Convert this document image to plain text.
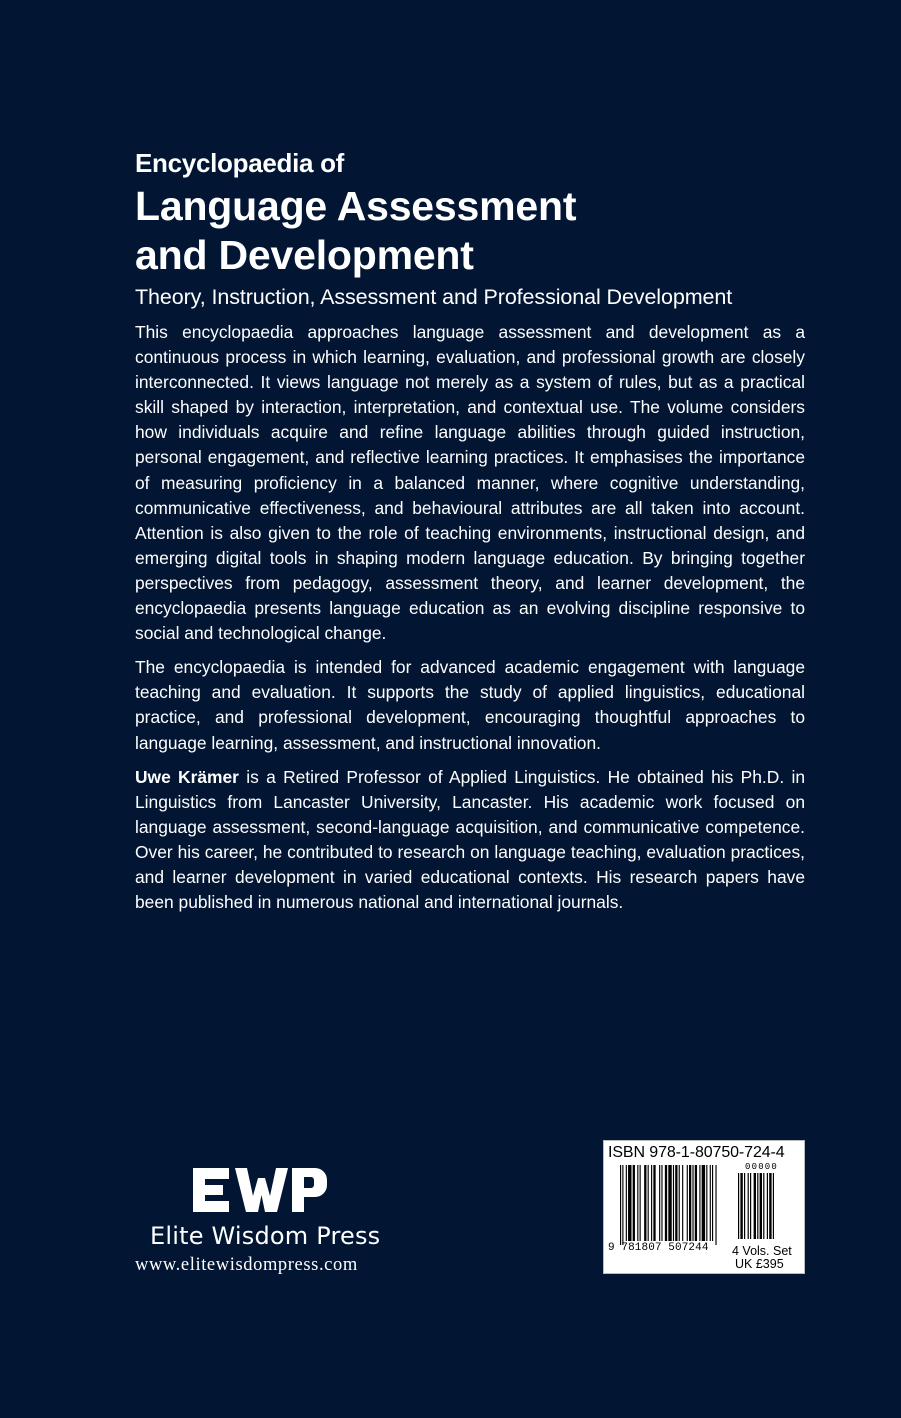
Encyclopaedia of
Language Assessment
and Development
Theory, Instruction, Assessment and Professional Development

This encyclopaedia approaches language assessment and development as a continuous process in which learning, evaluation, and professional growth are closely interconnected. It views language not merely as a system of rules, but as a practical skill shaped by interaction, interpretation, and contextual use. The volume considers how individuals acquire and refine language abilities through guided instruction, personal engagement, and reflective learning practices. It emphasises the importance of measuring proficiency in a balanced manner, where cognitive understanding, communicative effectiveness, and behavioural attributes are all taken into account. Attention is also given to the role of teaching environments, instructional design, and emerging digital tools in shaping modern language education. By bringing together perspectives from pedagogy, assessment theory, and learner development, the encyclopaedia presents language education as an evolving discipline responsive to social and technological change.

The encyclopaedia is intended for advanced academic engagement with language teaching and evaluation. It supports the study of applied linguistics, educational practice, and professional development, encouraging thoughtful approaches to language learning, assessment, and instructional innovation.

Uwe Krämer is a Retired Professor of Applied Linguistics. He obtained his Ph.D. in Linguistics from Lancaster University, Lancaster. His academic work focused on language assessment, second-language acquisition, and communicative competence. Over his career, he contributed to research on language teaching, evaluation practices, and learner development in varied educational contexts. His research papers have been published in numerous national and international journals.

Elite Wisdom Press
www.elitewisdompress.com
ISBN 978-1-80750-724-4
00000
9 781807 507244 4 Vols. Set
UK £395
